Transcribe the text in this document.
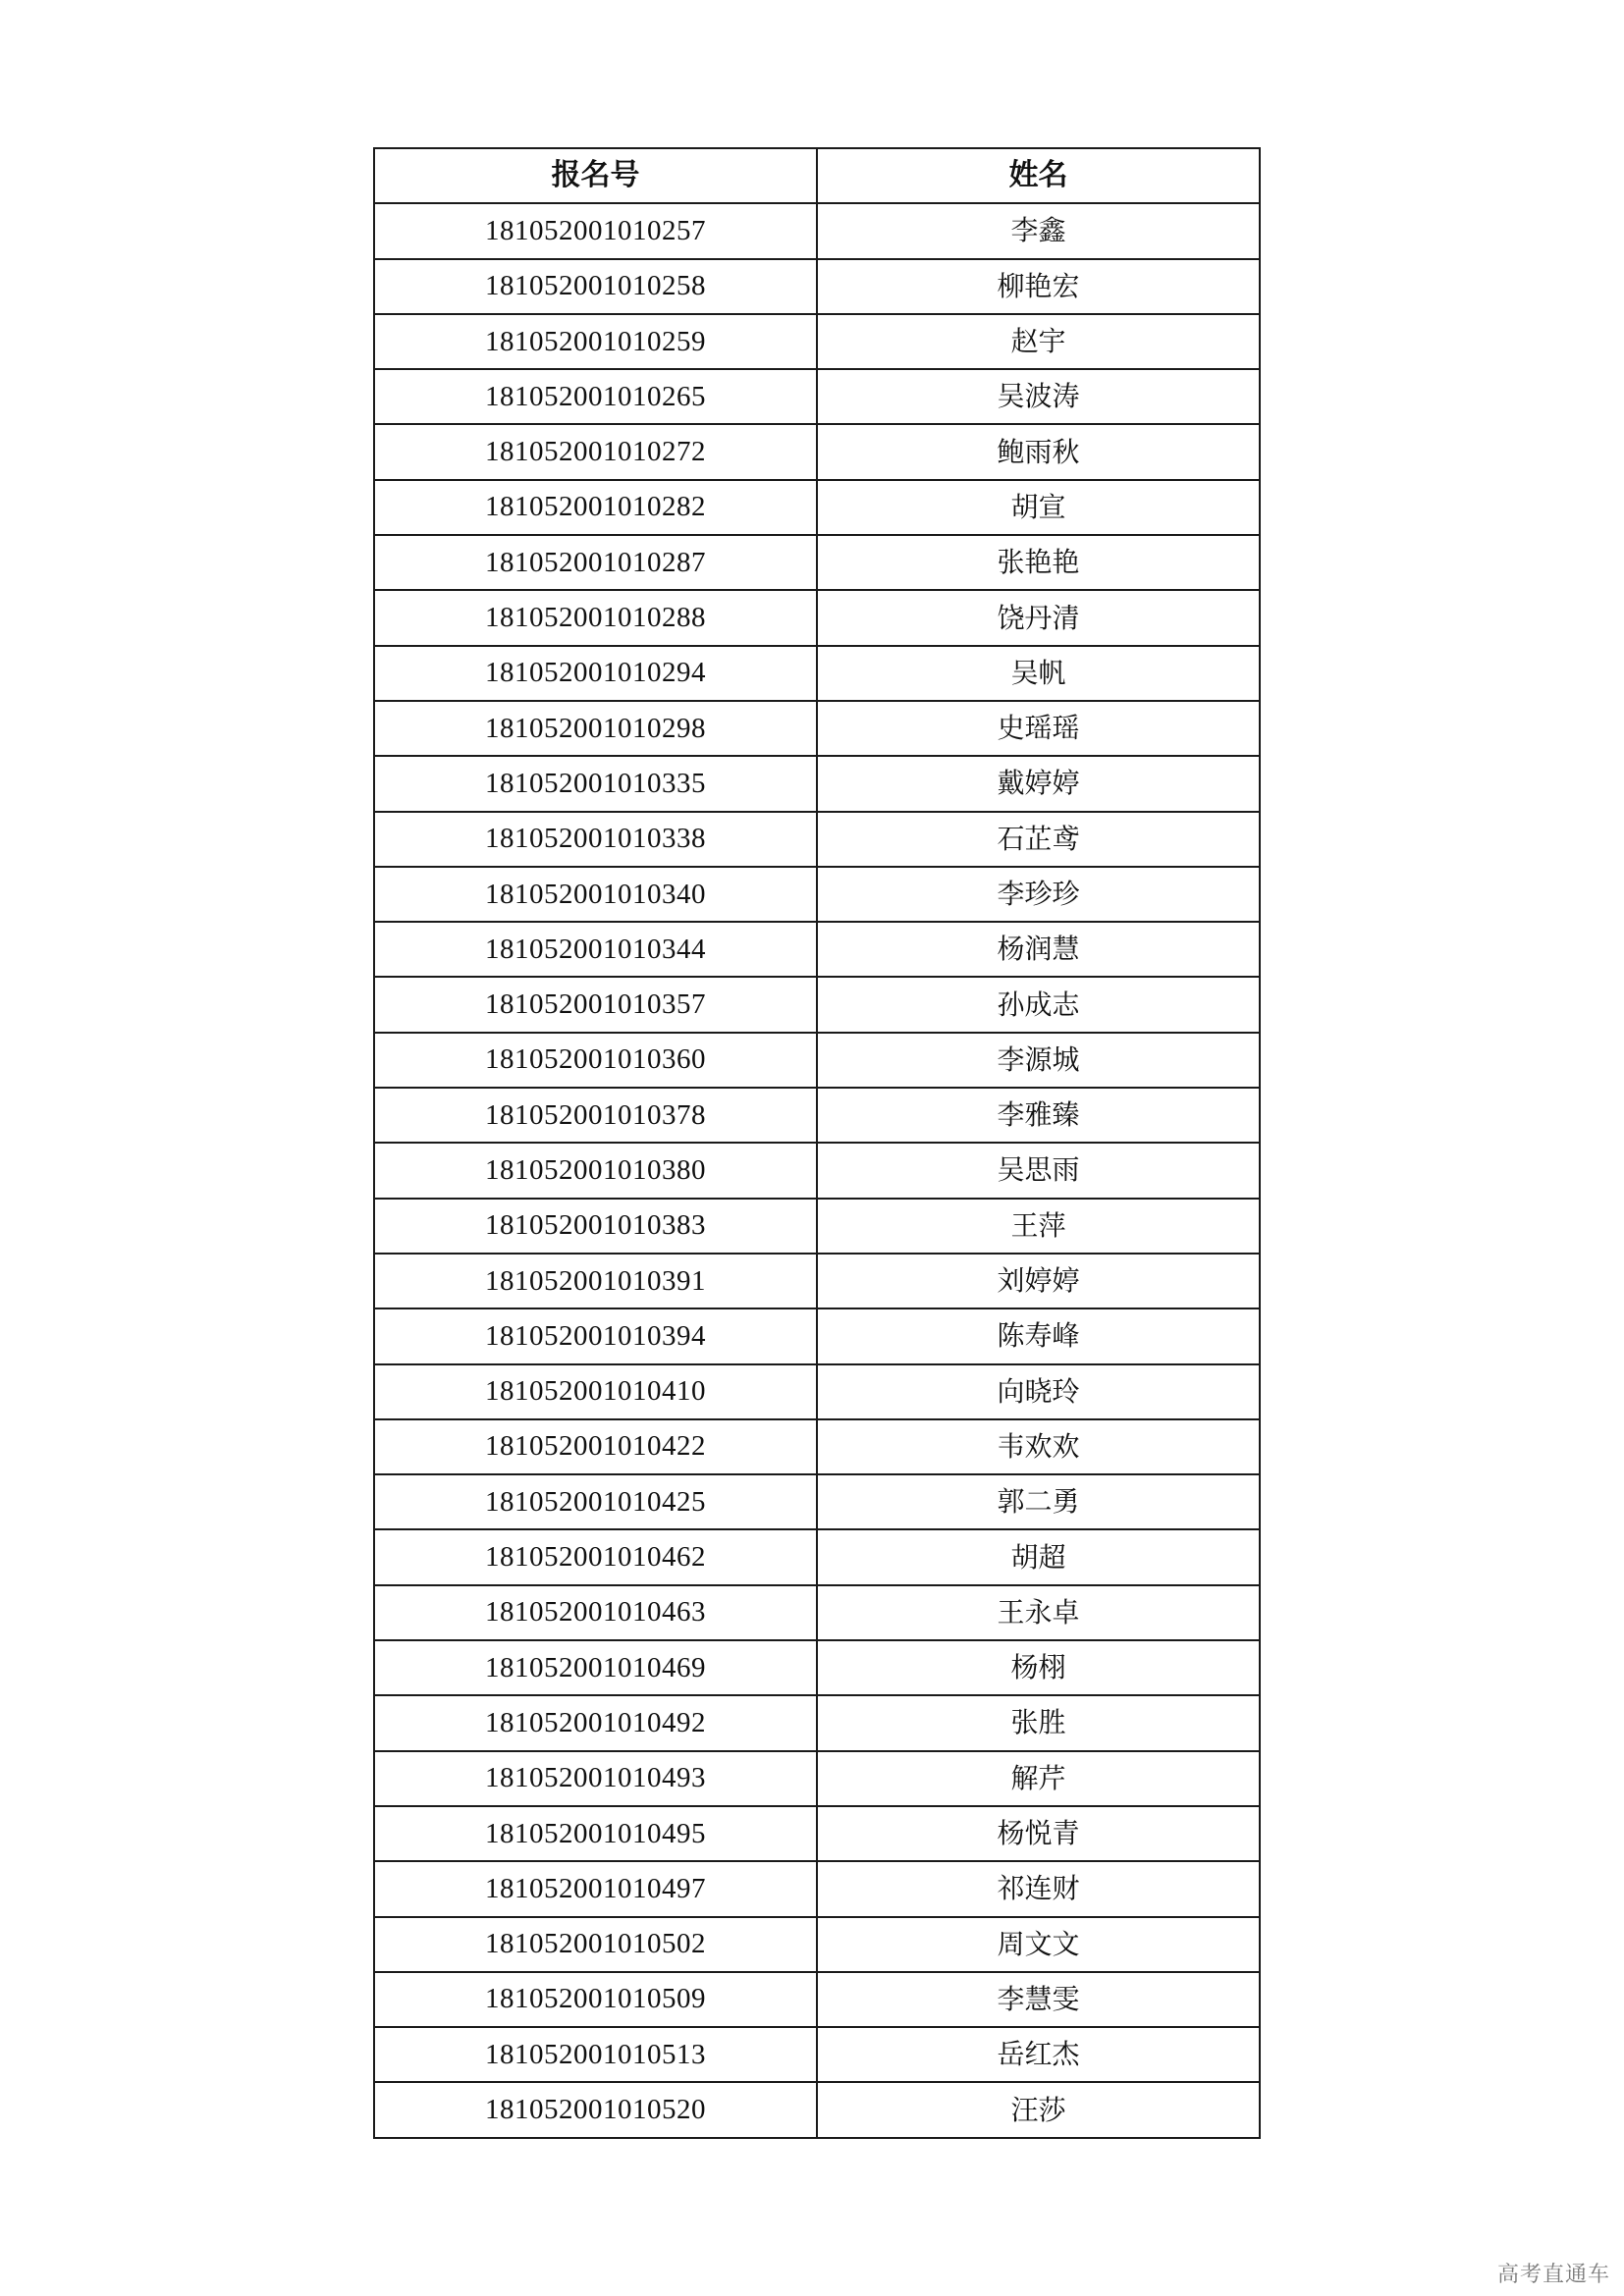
报名号	姓名
181052001010257	李鑫
181052001010258	柳艳宏
181052001010259	赵宇
181052001010265	吴波涛
181052001010272	鲍雨秋
181052001010282	胡宣
181052001010287	张艳艳
181052001010288	饶丹清
181052001010294	吴帆
181052001010298	史瑶瑶
181052001010335	戴婷婷
181052001010338	石芷鸢
181052001010340	李珍珍
181052001010344	杨润慧
181052001010357	孙成志
181052001010360	李源城
181052001010378	李雅臻
181052001010380	吴思雨
181052001010383	王萍
181052001010391	刘婷婷
181052001010394	陈寿峰
181052001010410	向晓玲
181052001010422	韦欢欢
181052001010425	郭二勇
181052001010462	胡超
181052001010463	王永卓
181052001010469	杨栩
181052001010492	张胜
181052001010493	解芹
181052001010495	杨悦青
181052001010497	祁连财
181052001010502	周文文
181052001010509	李慧雯
181052001010513	岳红杰
181052001010520	汪莎
高考直通车
